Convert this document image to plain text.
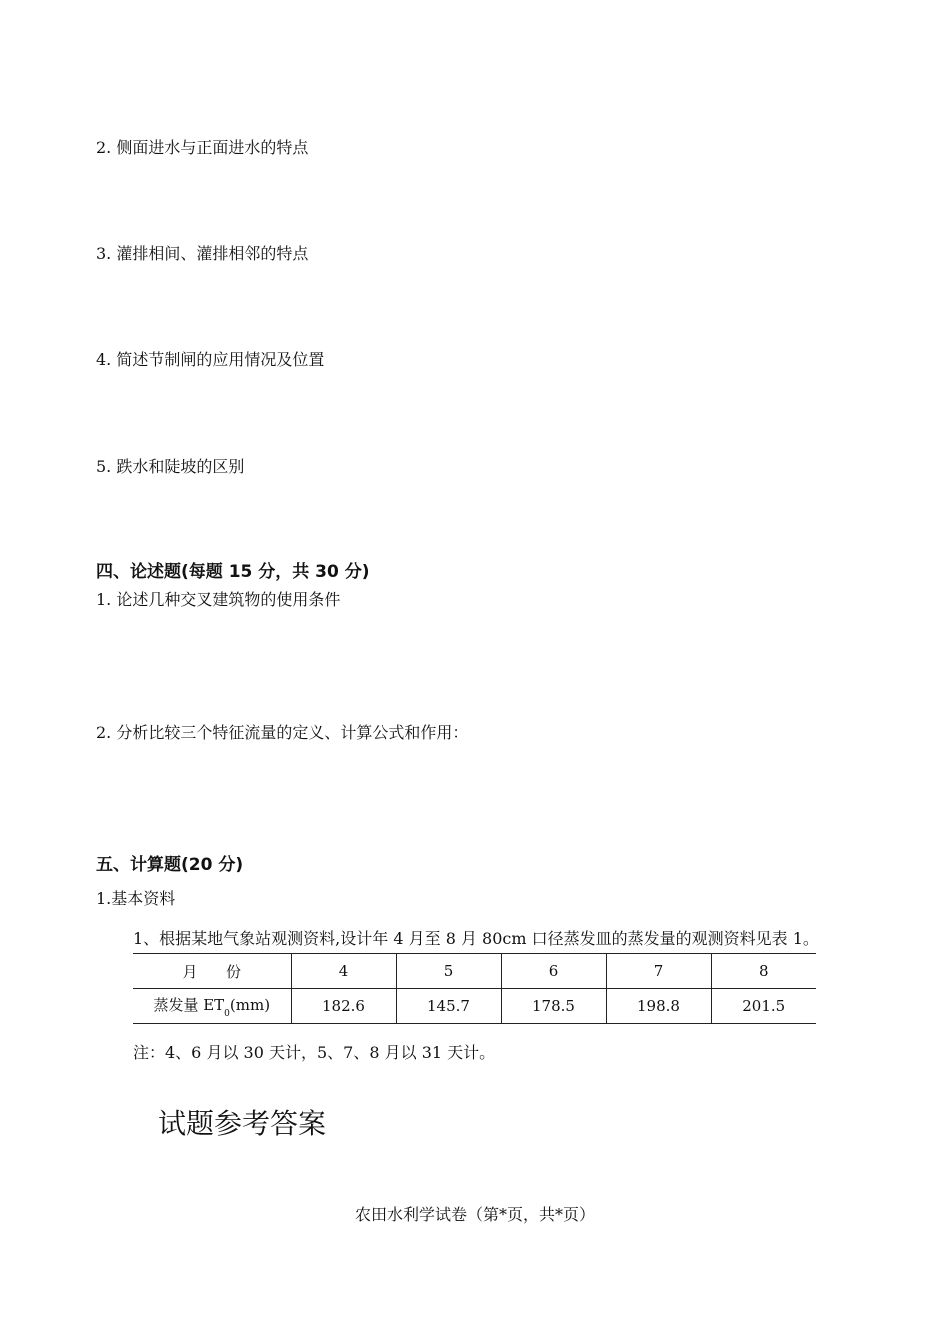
2. 侧面进水与正面进水的特点
3. 灌排相间、灌排相邻的特点
4. 简述节制闸的应用情况及位置
5. 跌水和陡坡的区别
四、论述题(每题 15 分，共 30 分)
1. 论述几种交叉建筑物的使用条件
2. 分析比较三个特征流量的定义、计算公式和作用：
五、计算题(20 分)
1.基本资料
1、根据某地气象站观测资料,设计年 4 月至 8 月 80cm 口径蒸发皿的蒸发量的观测资料见表 1。
月      份	4	5	6	7	8
蒸发量 $ET_0(mm)$	182.6	145.7	178.5	198.8	201.5
注：4、6 月以 30 天计，5、7、8 月以 31 天计。
试题参考答案
农田水利学试卷（第*页，共*页）
